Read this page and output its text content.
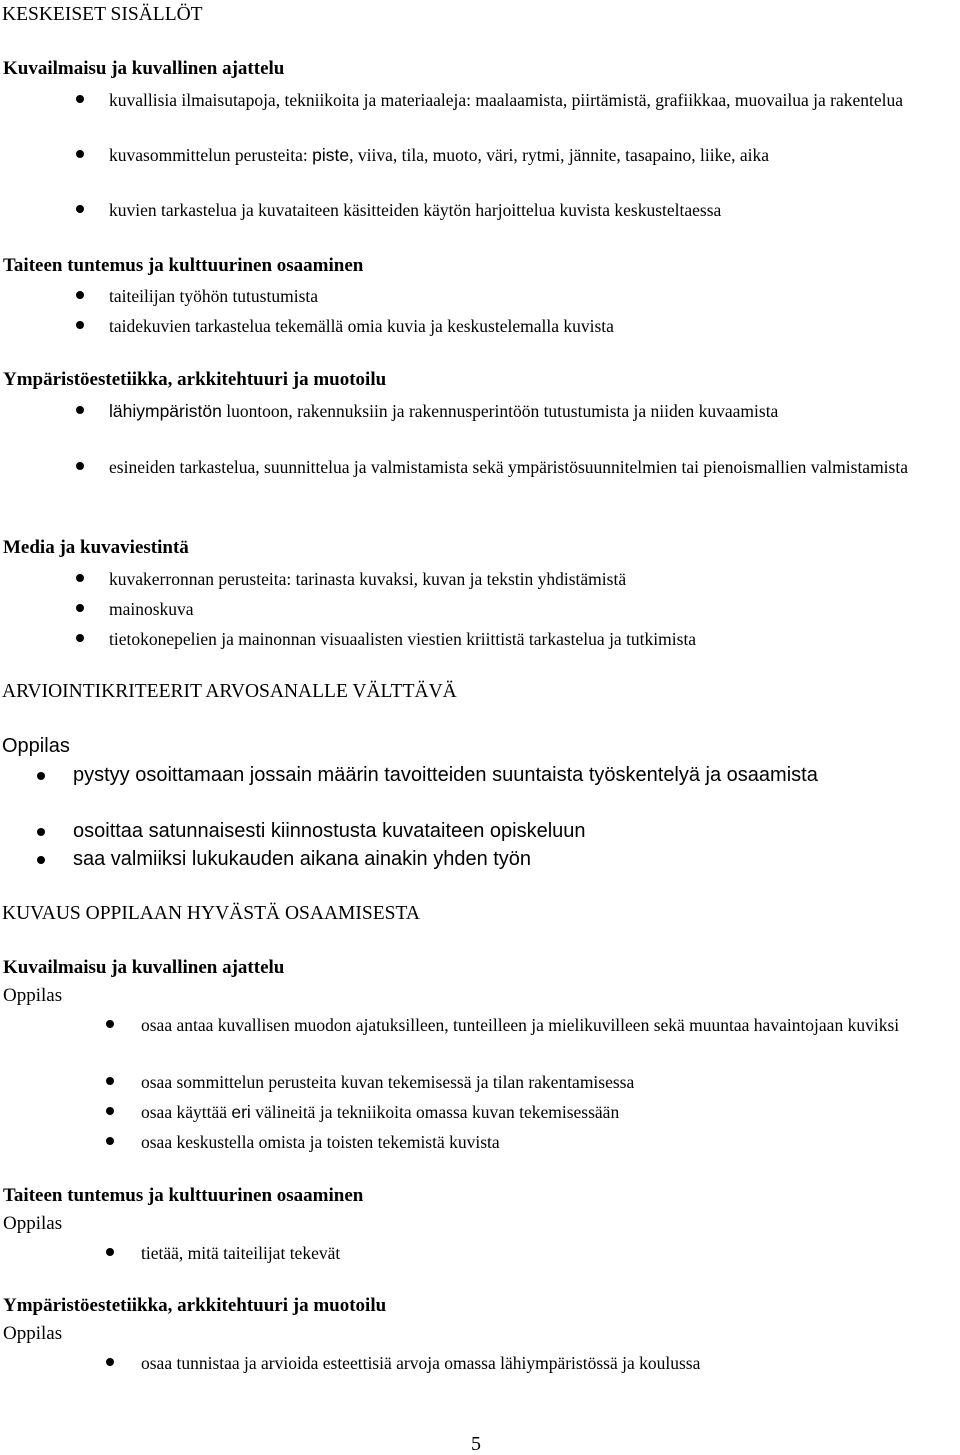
KESKEISET SISÄLLÖT
Kuvailmaisu ja kuvallinen ajattelu
kuvallisia ilmaisutapoja, tekniikoita ja materiaaleja: maalaamista, piirtämistä, grafiikkaa, muovailua ja rakentelua
kuvasommittelun perusteita: piste, viiva, tila, muoto, väri, rytmi, jännite, tasapaino, liike, aika
kuvien tarkastelua ja kuvataiteen käsitteiden käytön harjoittelua kuvista keskusteltaessa
Taiteen tuntemus ja kulttuurinen osaaminen
taiteilijan työhön tutustumista
taidekuvien tarkastelua tekemällä omia kuvia ja keskustelemalla kuvista
Ympäristöestetiikka, arkkitehtuuri ja muotoilu
lähiympäristön luontoon, rakennuksiin ja rakennusperintöön tutustumista ja niiden kuvaamista
esineiden tarkastelua, suunnittelua ja valmistamista sekä ympäristösuunnitelmien tai pienoismallien valmistamista
Media ja kuvaviestintä
kuvakerronnan perusteita: tarinasta kuvaksi, kuvan ja tekstin yhdistämistä
mainoskuva
tietokonepelien ja mainonnan visuaalisten viestien kriittistä tarkastelua ja tutkimista
ARVIOINTIKRITEERIT ARVOSANALLE VÄLTTÄVÄ
Oppilas
pystyy osoittamaan jossain määrin tavoitteiden suuntaista työskentelyä ja osaamista
osoittaa satunnaisesti kiinnostusta kuvataiteen opiskeluun
saa valmiiksi lukukauden aikana ainakin yhden työn
KUVAUS OPPILAAN HYVÄSTÄ OSAAMISESTA
Kuvailmaisu ja kuvallinen ajattelu
Oppilas
osaa antaa kuvallisen muodon ajatuksilleen, tunteilleen ja mielikuvilleen sekä muuntaa havaintojaan kuviksi
osaa sommittelun perusteita kuvan tekemisessä ja tilan rakentamisessa
osaa käyttää eri välineitä ja tekniikoita omassa kuvan tekemisessään
osaa keskustella omista ja toisten tekemistä kuvista
Taiteen tuntemus ja kulttuurinen osaaminen
Oppilas
tietää, mitä taiteilijat tekevät
Ympäristöestetiikka, arkkitehtuuri ja muotoilu
Oppilas
osaa tunnistaa ja arvioida esteettisiä arvoja omassa lähiympäristössä ja koulussa
5
